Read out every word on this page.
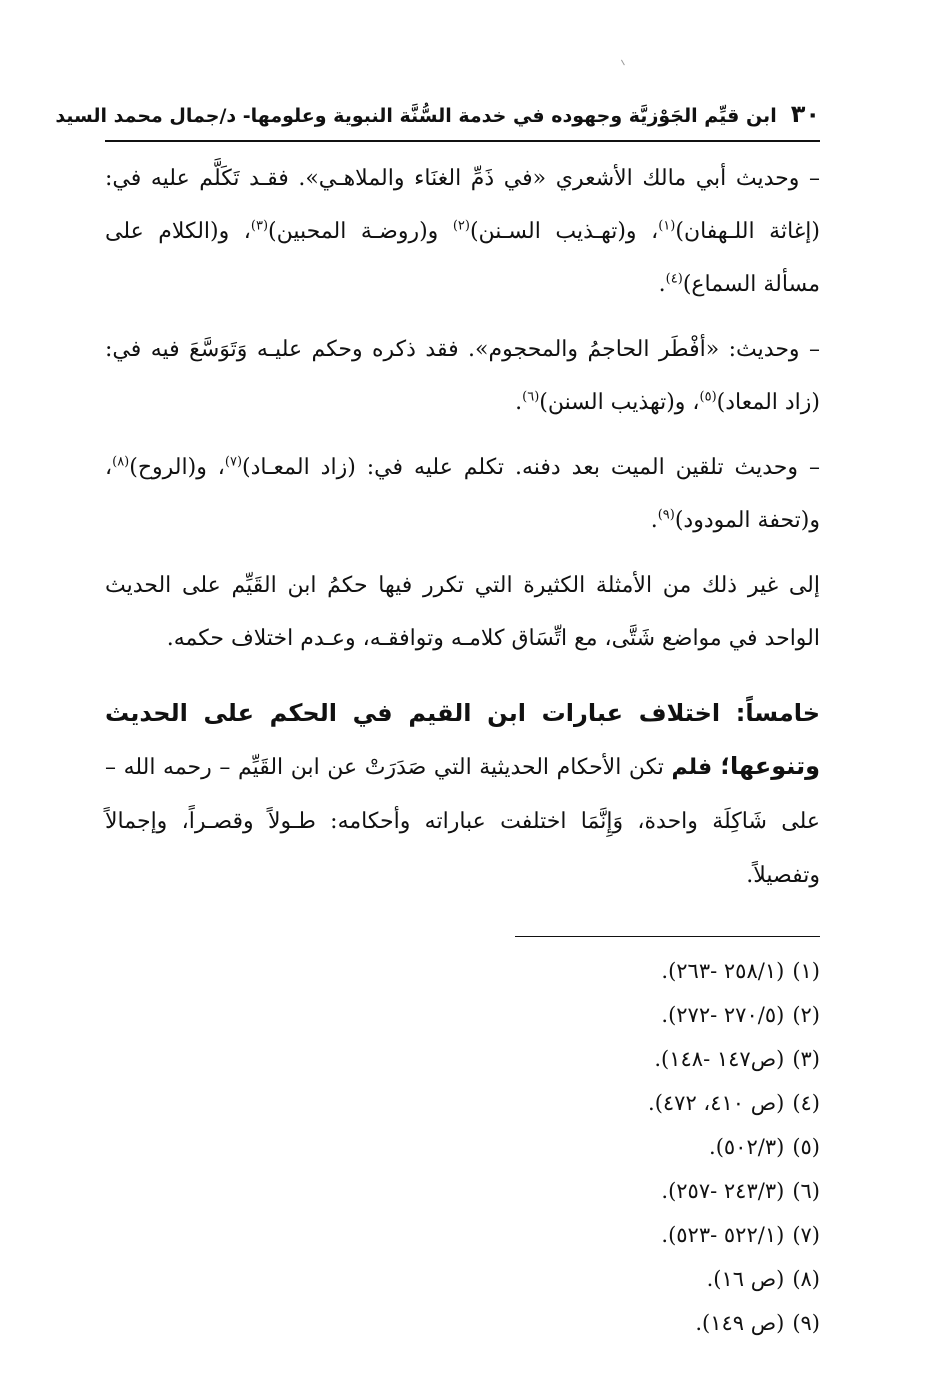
٣٠
ابن قيِّم الجَوْزيَّة وجهوده في خدمة السُّنَّة النبوية وعلومها- د/جمال محمد السيد

– وحديث أبي مالك الأشعري «في ذَمِّ الغنَاء والملاهـي». فقـد تَكَلَّم عليه في: (إغاثة اللـهفان)$^{(١)}$، و(تهـذيب السـنن)$^{(٢)}$ و(روضـة المحبين)$^{(٣)}$، و(الكلام على مسألة السماع)$^{(٤)}$.

– وحديث: «أفْطَر الحاجمُ والمحجوم». فقد ذكره وحكم عليـه وَتَوَسَّعَ فيه في: (زاد المعاد)$^{(٥)}$، و(تهذيب السنن)$^{(٦)}$.

– وحديث تلقين الميت بعد دفنه. تكلم عليه في: (زاد المعـاد)$^{(٧)}$، و(الروح)$^{(٨)}$، و(تحفة المودود)$^{(٩)}$.

إلى غير ذلك من الأمثلة الكثيرة التي تكرر فيها حكمُ ابن القَيِّم على الحديث الواحد في مواضع شَتَّى، مع اتِّسَاق كلامـه وتوافقـه، وعـدم اختلاف حكمه.

خامساً: اختلاف عبارات ابن القيم في الحكم على الحديث وتنوعها؛ فلم تكن الأحكام الحديثية التي صَدَرَتْ عن ابن القَيِّم – رحمه الله – على شَاكِلَة واحدة، وَإِنَّمَا اختلفت عباراته وأحكامه: طـولاً وقصـراً، وإجمالاً وتفصيلاً.

(١)(٢٥٨/١ -٢٦٣).
(٢)(٢٧٠/٥ -٢٧٢).
(٣)(ص١٤٧ -١٤٨).
(٤)(ص ٤١٠، ٤٧٢).
(٥)(٥٠٢/٣).
(٦)(٢٤٣/٣ -٢٥٧).
(٧)(٥٢٢/١ -٥٢٣).
(٨)(ص ١٦).
(٩)(ص ١٤٩).
